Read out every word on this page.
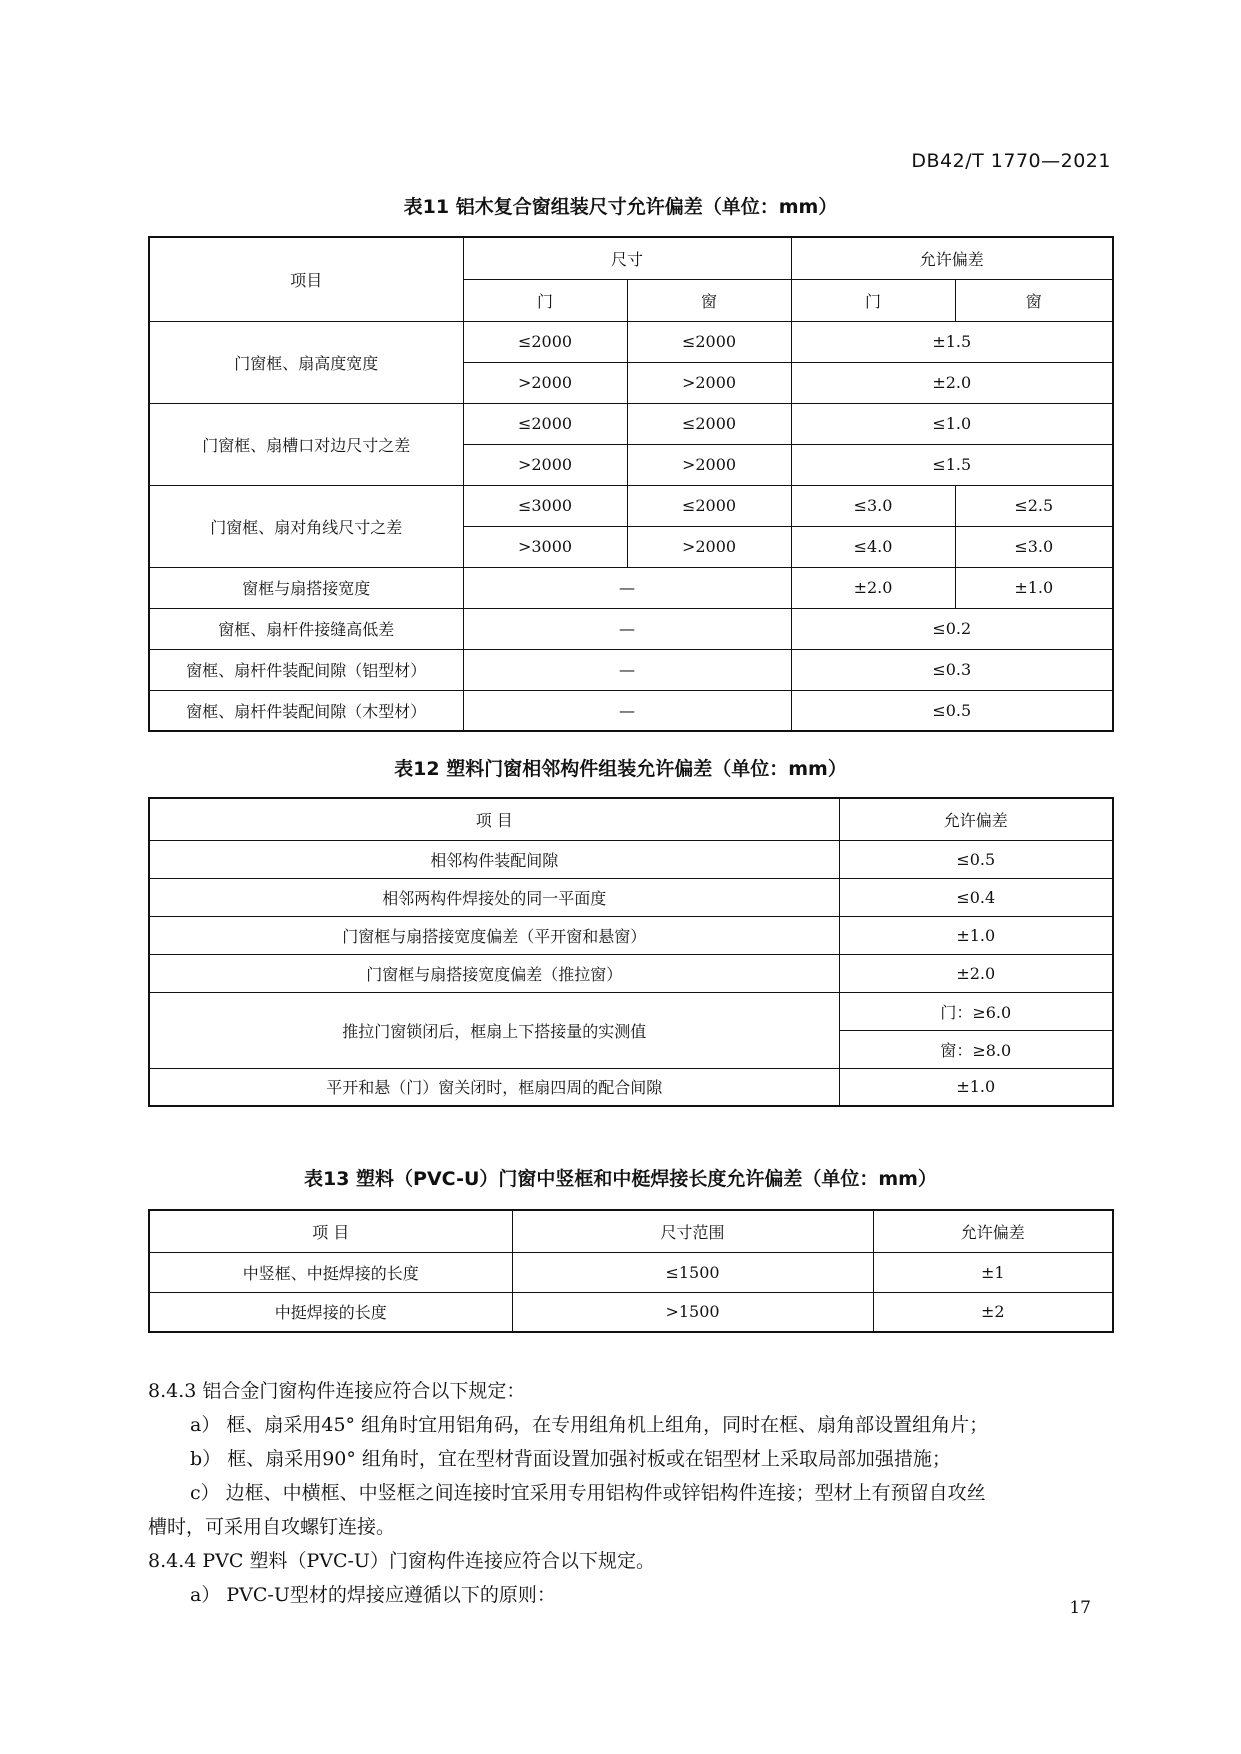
DB42/T 1770—2021
表11 铝木复合窗组装尺寸允许偏差（单位：mm）
项目	尺寸		允许偏差	
	门	窗	门	窗
门窗框、扇高度宽度	≤2000	≤2000	±1.5	
	>2000	>2000	±2.0	
门窗框、扇槽口对边尺寸之差	≤2000	≤2000	≤1.0	
	>2000	>2000	≤1.5	
门窗框、扇对角线尺寸之差	≤3000	≤2000	≤3.0	≤2.5
	>3000	>2000	≤4.0	≤3.0
窗框与扇搭接宽度	—		±2.0	±1.0
窗框、扇杆件接缝高低差	—		≤0.2	
窗框、扇杆件装配间隙（铝型材）	—		≤0.3	
窗框、扇杆件装配间隙（木型材）	—		≤0.5	
表12 塑料门窗相邻构件组装允许偏差（单位：mm）
项 目	允许偏差
相邻构件装配间隙	≤0.5
相邻两构件焊接处的同一平面度	≤0.4
门窗框与扇搭接宽度偏差（平开窗和悬窗）	±1.0
门窗框与扇搭接宽度偏差（推拉窗）	±2.0
推拉门窗锁闭后，框扇上下搭接量的实测值	门：≥6.0
	窗：≥8.0
平开和悬（门）窗关闭时，框扇四周的配合间隙	±1.0
表13 塑料（PVC-U）门窗中竖框和中梃焊接长度允许偏差（单位：mm）
项 目	尺寸范围	允许偏差
中竖框、中挺焊接的长度	≤1500	±1
中挺焊接的长度	>1500	±2
8.4.3 铝合金门窗构件连接应符合以下规定：
a） 框、扇采用45° 组角时宜用铝角码，在专用组角机上组角，同时在框、扇角部设置组角片；
b） 框、扇采用90° 组角时，宜在型材背面设置加强衬板或在铝型材上采取局部加强措施；
c） 边框、中横框、中竖框之间连接时宜采用专用铝构件或锌铝构件连接；型材上有预留自攻丝
槽时，可采用自攻螺钉连接。
8.4.4 PVC 塑料（PVC-U）门窗构件连接应符合以下规定。
a） PVC-U型材的焊接应遵循以下的原则：
17
